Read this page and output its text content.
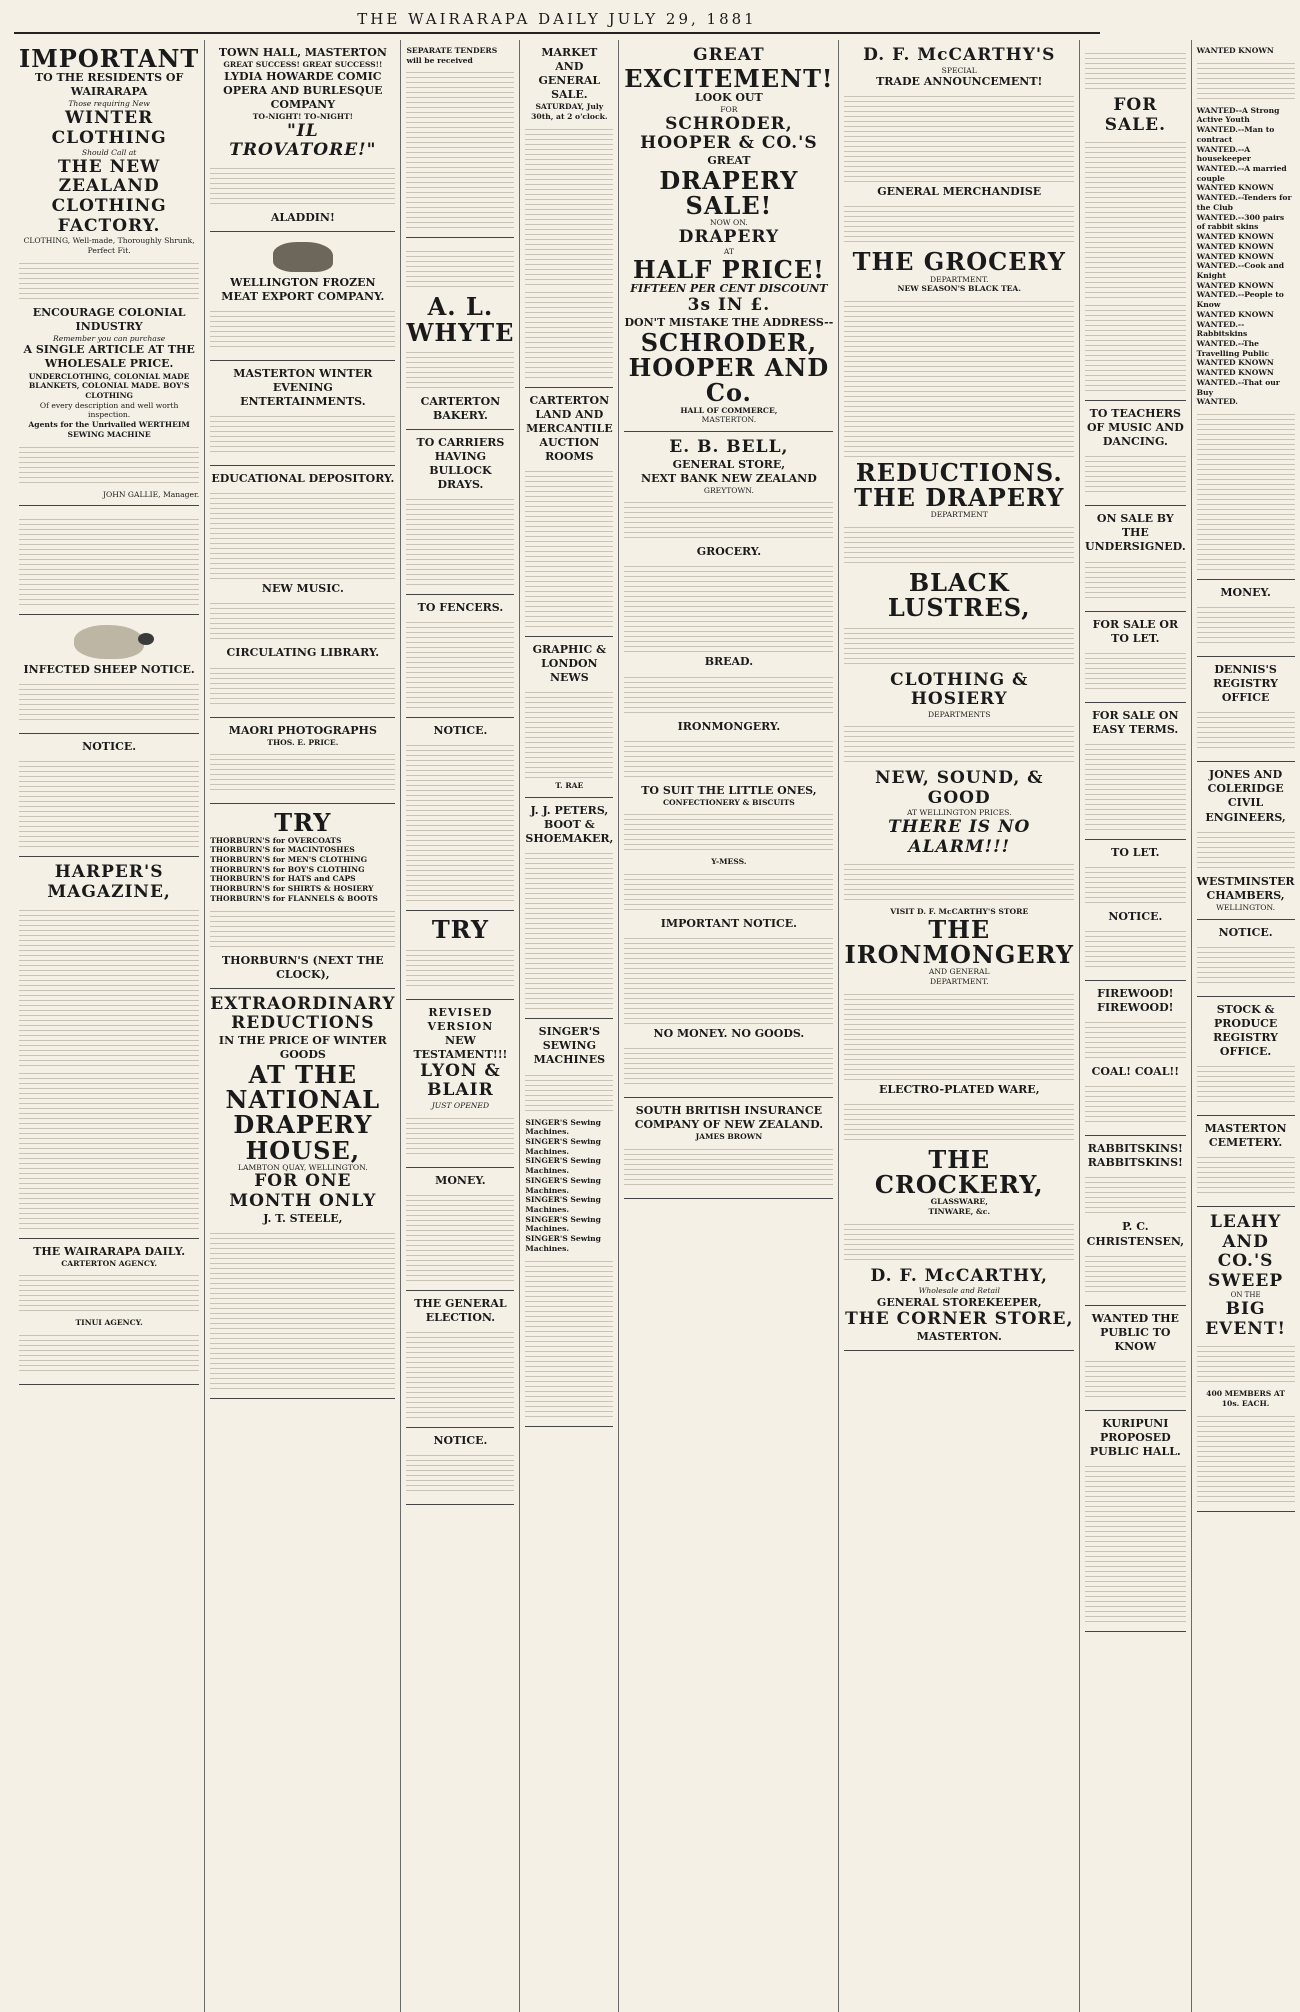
THE WAIRARAPA DAILY JULY 29, 1881
IMPORTANT
TO THE RESIDENTS OF WAIRARAPA
Those requiring New
WINTER CLOTHING
Should Call at
THE NEW ZEALAND CLOTHING FACTORY.
CLOTHING, Well-made, Thoroughly Shrunk, Perfect Fit.
ENCOURAGE COLONIAL INDUSTRY
Remember you can purchase
A SINGLE ARTICLE AT THE WHOLESALE PRICE.
UNDERCLOTHING, COLONIAL MADE BLANKETS, COLONIAL MADE. BOY'S CLOTHING
Of every description and well worth inspection.
Agents for the Unrivalled WERTHEIM SEWING MACHINE
JOHN GALLIE, Manager.
INFECTED SHEEP NOTICE.
NOTICE.
HARPER'S MAGAZINE,
THE WAIRARAPA DAILY.
CARTERTON AGENCY.
TINUI AGENCY.
TOWN HALL, MASTERTON
GREAT SUCCESS! GREAT SUCCESS!!
LYDIA HOWARDE COMIC OPERA AND BURLESQUE COMPANY
TO-NIGHT! TO-NIGHT!
"IL TROVATORE!"
ALADDIN!
WELLINGTON FROZEN MEAT EXPORT COMPANY.
MASTERTON WINTER EVENING ENTERTAINMENTS.
EDUCATIONAL DEPOSITORY.
NEW MUSIC.
CIRCULATING LIBRARY.
MAORI PHOTOGRAPHS
THOS. E. PRICE.
TRY
THORBURN'S for OVERCOATS
THORBURN'S for MACINTOSHES
THORBURN'S for MEN'S CLOTHING
THORBURN'S for BOY'S CLOTHING
THORBURN'S for HATS and CAPS
THORBURN'S for SHIRTS & HOSIERY
THORBURN'S for FLANNELS & BOOTS
THORBURN'S (NEXT THE CLOCK),
EXTRAORDINARY REDUCTIONS
IN THE PRICE OF WINTER GOODS
AT THE NATIONAL DRAPERY HOUSE,
LAMBTON QUAY, WELLINGTON.
FOR ONE MONTH ONLY
J. T. STEELE,
SEPARATE TENDERS will be received
A. L. WHYTE
CARTERTON BAKERY.
TO CARRIERS HAVING BULLOCK DRAYS.
TO FENCERS.
NOTICE.
TRY
REVISED VERSION
NEW TESTAMENT!!!
LYON & BLAIR
JUST OPENED
MONEY.
THE GENERAL ELECTION.
NOTICE.
MARKET AND GENERAL SALE.
SATURDAY, July 30th, at 2 o'clock.
CARTERTON LAND AND MERCANTILE AUCTION ROOMS
GRAPHIC & LONDON NEWS
T. RAE
J. J. PETERS,
BOOT & SHOEMAKER,
SINGER'S SEWING MACHINES
SINGER'S Sewing Machines.
SINGER'S Sewing Machines.
SINGER'S Sewing Machines.
SINGER'S Sewing Machines.
SINGER'S Sewing Machines.
SINGER'S Sewing Machines.
SINGER'S Sewing Machines.
GREAT
EXCITEMENT!
LOOK OUT
FOR
SCHRODER, HOOPER & CO.'S
GREAT
DRAPERY SALE!
NOW ON.
DRAPERY
AT
HALF PRICE!
FIFTEEN PER CENT DISCOUNT
3s IN £.
DON'T MISTAKE THE ADDRESS--
SCHRODER, HOOPER AND Co.
HALL OF COMMERCE,
MASTERTON.
E. B. BELL,
GENERAL STORE,
NEXT BANK NEW ZEALAND
GREYTOWN.
GROCERY.
BREAD.
IRONMONGERY.
TO SUIT THE LITTLE ONES,
CONFECTIONERY & BISCUITS
Y-MESS.
IMPORTANT NOTICE.
NO MONEY. NO GOODS.
SOUTH BRITISH INSURANCE COMPANY OF NEW ZEALAND.
JAMES BROWN
D. F. McCARTHY'S
SPECIAL
TRADE ANNOUNCEMENT!
GENERAL MERCHANDISE
THE GROCERY
DEPARTMENT.
NEW SEASON'S BLACK TEA.
REDUCTIONS.
THE DRAPERY
DEPARTMENT
BLACK LUSTRES,
CLOTHING & HOSIERY
DEPARTMENTS
NEW, SOUND, & GOOD
AT WELLINGTON PRICES.
THERE IS NO ALARM!!!
VISIT D. F. McCARTHY'S STORE
THE IRONMONGERY
AND GENERAL
DEPARTMENT.
ELECTRO-PLATED WARE,
THE CROCKERY,
GLASSWARE,
TINWARE, &c.
D. F. McCARTHY,
Wholesale and Retail
GENERAL STOREKEEPER,
THE CORNER STORE,
MASTERTON.
FOR SALE.
TO TEACHERS OF MUSIC AND DANCING.
ON SALE BY THE UNDERSIGNED.
FOR SALE OR TO LET.
FOR SALE ON EASY TERMS.
TO LET.
NOTICE.
FIREWOOD! FIREWOOD!
COAL! COAL!!
RABBITSKINS! RABBITSKINS!
P. C. CHRISTENSEN,
WANTED THE PUBLIC TO KNOW
KURIPUNI PROPOSED PUBLIC HALL.
WANTED KNOWN
WANTED--A Strong Active Youth
WANTED.--Man to contract
WANTED.--A housekeeper
WANTED.--A married couple
WANTED KNOWN
WANTED.--Tenders for the Club
WANTED.--300 pairs of rabbit skins
WANTED KNOWN
WANTED KNOWN
WANTED KNOWN
WANTED.--Cook and Knight
WANTED KNOWN
WANTED.--People to Know
WANTED KNOWN
WANTED.--Rabbitskins
WANTED.--The Travelling Public
WANTED KNOWN
WANTED KNOWN
WANTED.--That our Buy
WANTED.
MONEY.
DENNIS'S REGISTRY OFFICE
JONES AND COLERIDGE
CIVIL ENGINEERS,
WESTMINSTER CHAMBERS,
WELLINGTON.
NOTICE.
STOCK & PRODUCE REGISTRY OFFICE.
MASTERTON CEMETERY.
LEAHY AND CO.'S SWEEP
ON THE
BIG EVENT!
400 MEMBERS AT 10s. EACH.
